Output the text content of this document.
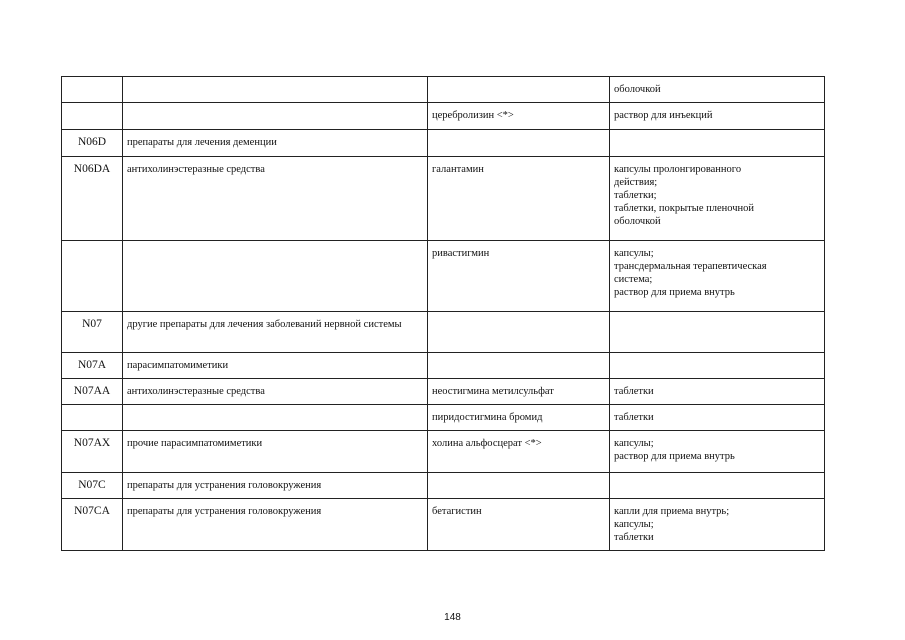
			оболочкой

		церебролизин <*>	раствор для инъекций

N06D	препараты для лечения деменции		
N06DA	антихолинэстеразные средства	галантамин	капсулы пролонгированного
действия;
таблетки;
таблетки, покрытые пленочной
оболочкой

		ривастигмин	капсулы;
трансдермальная терапевтическая
система;
раствор для приема внутрь

N07	другие препараты для лечения заболеваний нервной системы		
N07A	парасимпатомиметики		
N07AA	антихолинэстеразные средства	неостигмина метилсульфат	таблетки

		пиридостигмина бромид	таблетки

N07AX	прочие парасимпатомиметики	холина альфосцерат <*>	капсулы;
раствор для приема внутрь

N07C	препараты для устранения головокружения		
N07CA	препараты для устранения головокружения	бетагистин	капли для приема внутрь;
капсулы;
таблетки
148
